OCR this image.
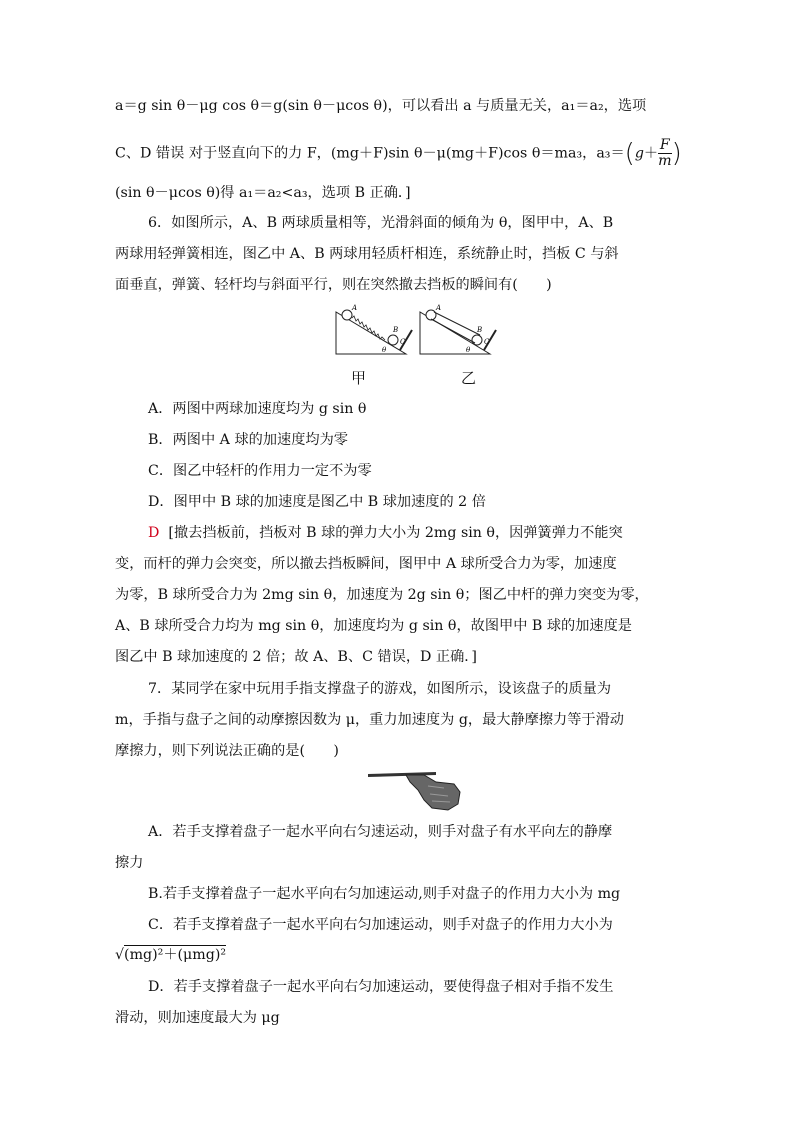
a＝g sin θ－μg cos θ＝g(sin θ－μcos θ)，可以看出 a 与质量无关，a₁＝a₂，选项
C、D 错误 对于竖直向下的力 F，(mg＋F)sin θ－μ(mg＋F)cos θ＝ma₃，$a_3=(g+ \frac{F}{m}$ )
(sin θ－μcos θ)得 a₁＝a₂<a₃，选项 B 正确．]
6．如图所示，A、B 两球质量相等，光滑斜面的倾角为 θ，图甲中，A、B
两球用轻弹簧相连，图乙中 A、B 两球用轻质杆相连，系统静止时，挡板 C 与斜
面垂直，弹簧、轻杆均与斜面平行，则在突然撤去挡板的瞬间有(　　)
A
B
C
θ
A
B
C
θ
甲	乙
A．两图中两球加速度均为 g sin θ
B．两图中 A 球的加速度均为零
C．图乙中轻杆的作用力一定不为零
D．图甲中 B 球的加速度是图乙中 B 球加速度的 2 倍
D [撤去挡板前，挡板对 B 球的弹力大小为 2mg sin θ，因弹簧弹力不能突
变，而杆的弹力会突变，所以撤去挡板瞬间，图甲中 A 球所受合力为零，加速度
为零，B 球所受合力为 2mg sin θ，加速度为 2g sin θ；图乙中杆的弹力突变为零，
A、B 球所受合力均为 mg sin θ，加速度均为 g sin θ，故图甲中 B 球的加速度是
图乙中 B 球加速度的 2 倍；故 A、B、C 错误，D 正确．]
7．某同学在家中玩用手指支撑盘子的游戏，如图所示，设该盘子的质量为
m，手指与盘子之间的动摩擦因数为 μ，重力加速度为 g，最大静摩擦力等于滑动
摩擦力，则下列说法正确的是(　　)
A．若手支撑着盘子一起水平向右匀速运动，则手对盘子有水平向左的静摩
擦力
B.若手支撑着盘子一起水平向右匀加速运动,则手对盘子的作用力大小为 mg
C．若手支撑着盘子一起水平向右匀加速运动，则手对盘子的作用力大小为
√(mg)²＋(μmg)²
D．若手支撑着盘子一起水平向右匀加速运动，要使得盘子相对手指不发生
滑动，则加速度最大为 μg
